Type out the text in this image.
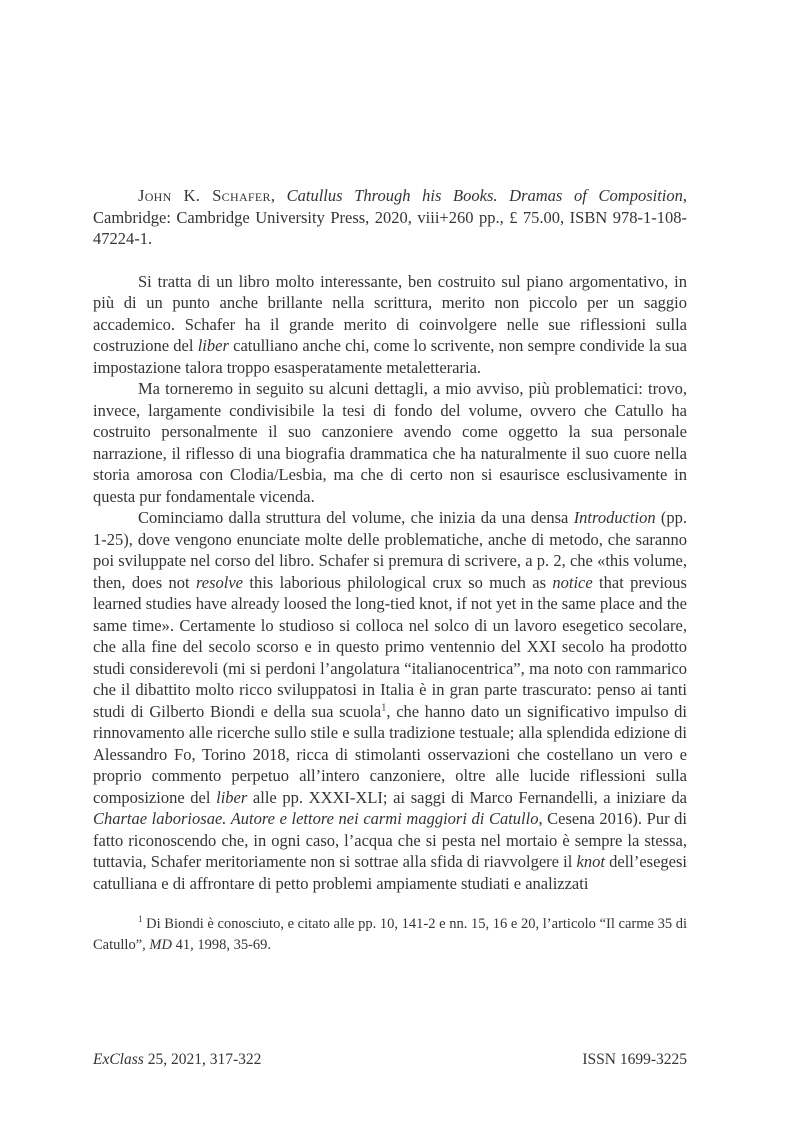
John K. Schafer, Catullus Through his Books. Dramas of Composition, Cambridge: Cambridge University Press, 2020, viii+260 pp., £ 75.00, ISBN 978-1-108-47224-1.

Si tratta di un libro molto interessante, ben costruito sul piano argomentativo, in più di un punto anche brillante nella scrittura, merito non piccolo per un saggio accademico. Schafer ha il grande merito di coinvolgere nelle sue riflessioni sulla costruzione del liber catulliano anche chi, come lo scrivente, non sempre condivide la sua impostazione talora troppo esasperatamente metaletteraria.

Ma torneremo in seguito su alcuni dettagli, a mio avviso, più problematici: trovo, invece, largamente condivisibile la tesi di fondo del volume, ovvero che Catullo ha costruito personalmente il suo canzoniere avendo come oggetto la sua personale narrazione, il riflesso di una biografia drammatica che ha naturalmente il suo cuore nella storia amorosa con Clodia/Lesbia, ma che di certo non si esaurisce esclusivamente in questa pur fondamentale vicenda.

Cominciamo dalla struttura del volume, che inizia da una densa Introduction (pp. 1-25), dove vengono enunciate molte delle problematiche, anche di metodo, che saranno poi sviluppate nel corso del libro. Schafer si premura di scrivere, a p. 2, che «this volume, then, does not resolve this laborious philological crux so much as notice that previous learned studies have already loosed the long-tied knot, if not yet in the same place and the same time». Certamente lo studioso si colloca nel solco di un lavoro esegetico secolare, che alla fine del secolo scorso e in questo primo ventennio del XXI secolo ha prodotto studi considerevoli (mi si perdoni l’angolatura “italianocentrica”, ma noto con rammarico che il dibattito molto ricco sviluppatosi in Italia è in gran parte trascurato: penso ai tanti studi di Gilberto Biondi e della sua scuola$^1$, che hanno dato un significativo impulso di rinnovamento alle ricerche sullo stile e sulla tradizione testuale; alla splendida edizione di Alessandro Fo, Torino 2018, ricca di stimolanti osservazioni che costellano un vero e proprio commento perpetuo all’intero canzoniere, oltre alle lucide riflessioni sulla composizione del liber alle pp. XXXI-XLI; ai saggi di Marco Fernandelli, a iniziare da Chartae laboriosae. Autore e lettore nei carmi maggiori di Catullo, Cesena 2016). Pur di fatto riconoscendo che, in ogni caso, l’acqua che si pesta nel mortaio è sempre la stessa, tuttavia, Schafer meritoriamente non si sottrae alla sfida di riavvolgere il knot dell’esegesi catulliana e di affrontare di petto problemi ampiamente studiati e analizzati

$^1$ Di Biondi è conosciuto, e citato alle pp. 10, 141-2 e nn. 15, 16 e 20, l’articolo “Il carme 35 di Catullo”, MD 41, 1998, 35-69.

ExClass 25, 2021, 317-322	ISSN 1699-3225
